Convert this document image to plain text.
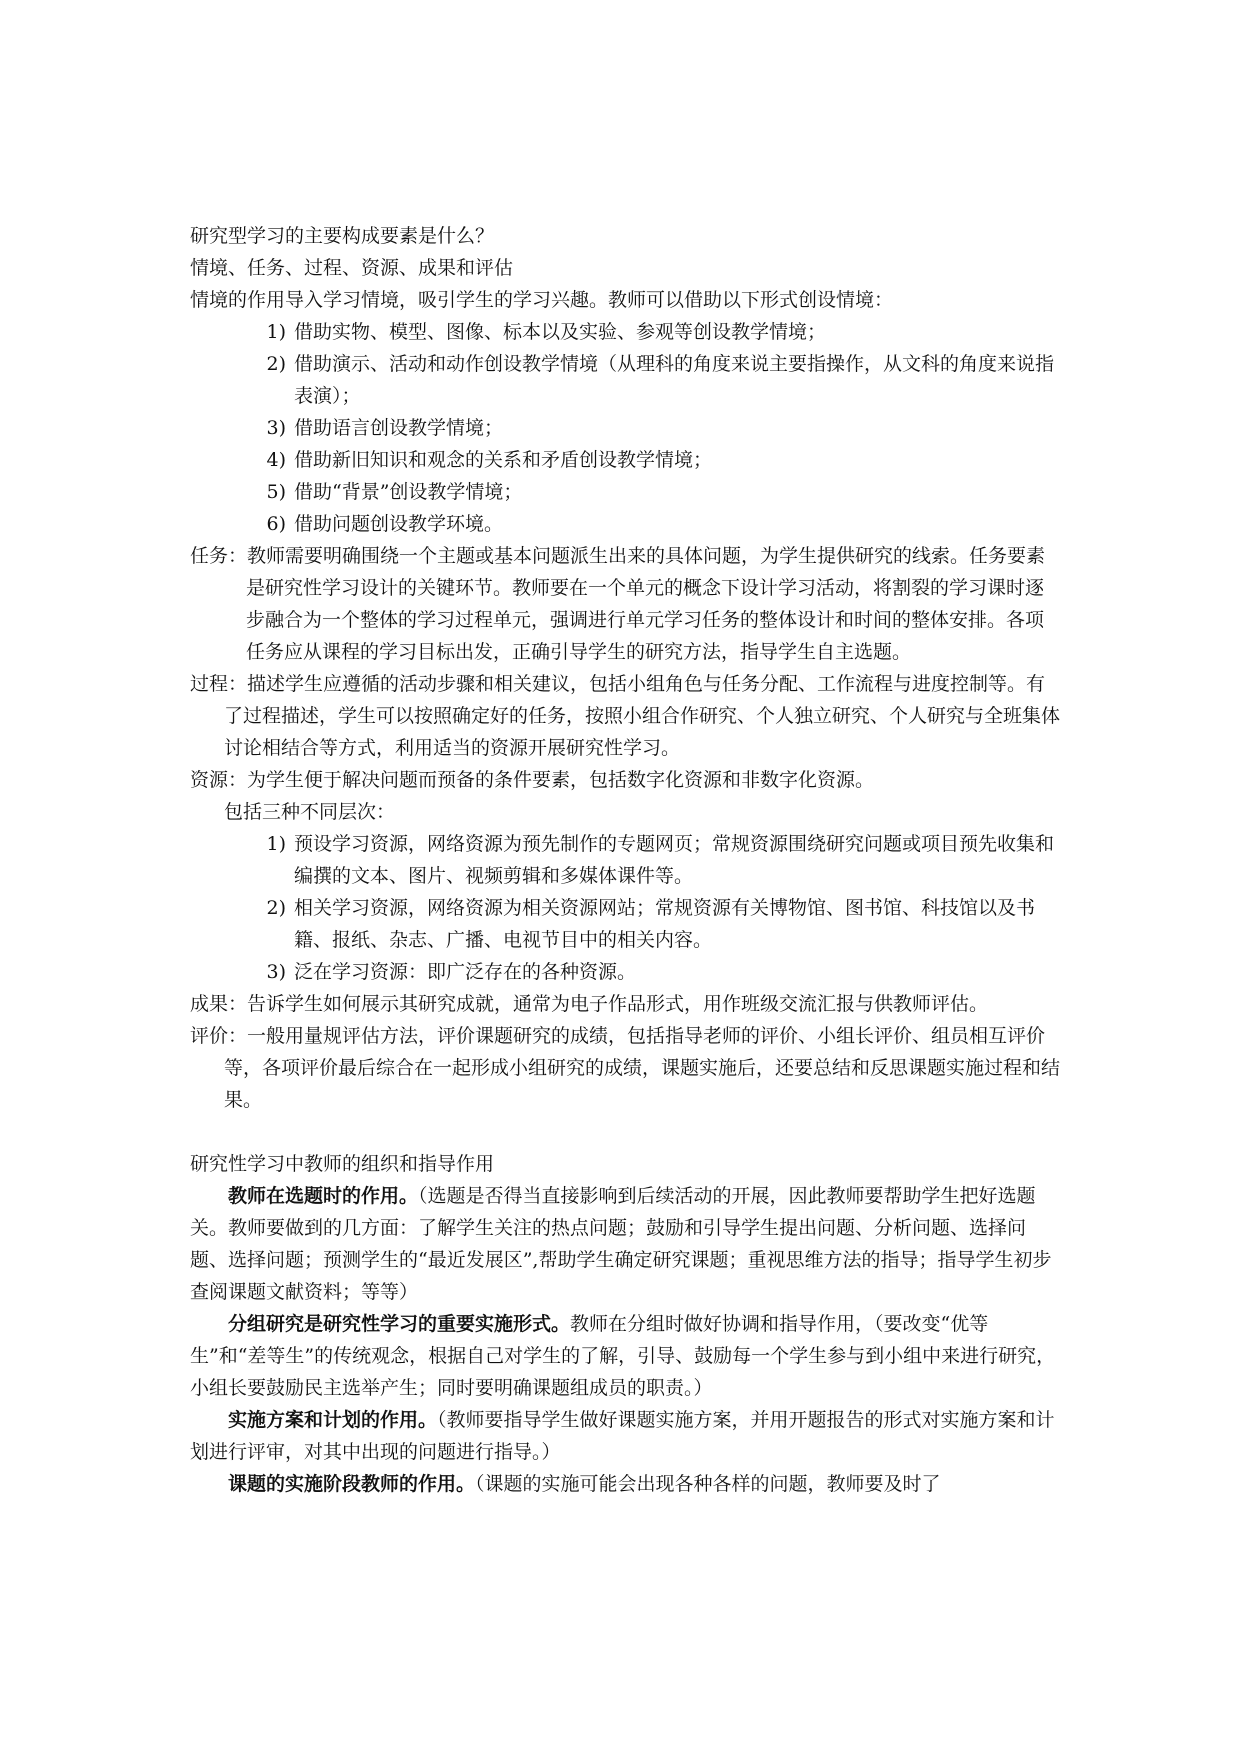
研究型学习的主要构成要素是什么？

情境、任务、过程、资源、成果和评估

情境的作用导入学习情境，吸引学生的学习兴趣。教师可以借助以下形式创设情境：

1) 借助实物、模型、图像、标本以及实验、参观等创设教学情境；
2) 借助演示、活动和动作创设教学情境（从理科的角度来说主要指操作，从文科的角度来说指表演）；
3) 借助语言创设教学情境；
4) 借助新旧知识和观念的关系和矛盾创设教学情境；
5) 借助“背景”创设教学情境；
6) 借助问题创设教学环境。

任务：教师需要明确围绕一个主题或基本问题派生出来的具体问题，为学生提供研究的线索。任务要素是研究性学习设计的关键环节。教师要在一个单元的概念下设计学习活动，将割裂的学习课时逐步融合为一个整体的学习过程单元，强调进行单元学习任务的整体设计和时间的整体安排。各项任务应从课程的学习目标出发，正确引导学生的研究方法，指导学生自主选题。

过程：描述学生应遵循的活动步骤和相关建议，包括小组角色与任务分配、工作流程与进度控制等。有了过程描述，学生可以按照确定好的任务，按照小组合作研究、个人独立研究、个人研究与全班集体讨论相结合等方式，利用适当的资源开展研究性学习。

资源：为学生便于解决问题而预备的条件要素，包括数字化资源和非数字化资源。

包括三种不同层次：

1) 预设学习资源，网络资源为预先制作的专题网页；常规资源围绕研究问题或项目预先收集和编撰的文本、图片、视频剪辑和多媒体课件等。
2) 相关学习资源，网络资源为相关资源网站；常规资源有关博物馆、图书馆、科技馆以及书籍、报纸、杂志、广播、电视节目中的相关内容。
3) 泛在学习资源：即广泛存在的各种资源。

成果：告诉学生如何展示其研究成就，通常为电子作品形式，用作班级交流汇报与供教师评估。

评价：一般用量规评估方法，评价课题研究的成绩，包括指导老师的评价、小组长评价、组员相互评价等，各项评价最后综合在一起形成小组研究的成绩，课题实施后，还要总结和反思课题实施过程和结果。

研究性学习中教师的组织和指导作用

教师在选题时的作用。（选题是否得当直接影响到后续活动的开展，因此教师要帮助学生把好选题关。教师要做到的几方面：了解学生关注的热点问题；鼓励和引导学生提出问题、分析问题、选择问题、选择问题；预测学生的“最近发展区”,帮助学生确定研究课题；重视思维方法的指导；指导学生初步查阅课题文献资料；等等）

分组研究是研究性学习的重要实施形式。教师在分组时做好协调和指导作用，（要改变“优等生”和“差等生”的传统观念，根据自己对学生的了解，引导、鼓励每一个学生参与到小组中来进行研究，小组长要鼓励民主选举产生；同时要明确课题组成员的职责。）

实施方案和计划的作用。（教师要指导学生做好课题实施方案，并用开题报告的形式对实施方案和计划进行评审，对其中出现的问题进行指导。）

课题的实施阶段教师的作用。（课题的实施可能会出现各种各样的问题，教师要及时了
